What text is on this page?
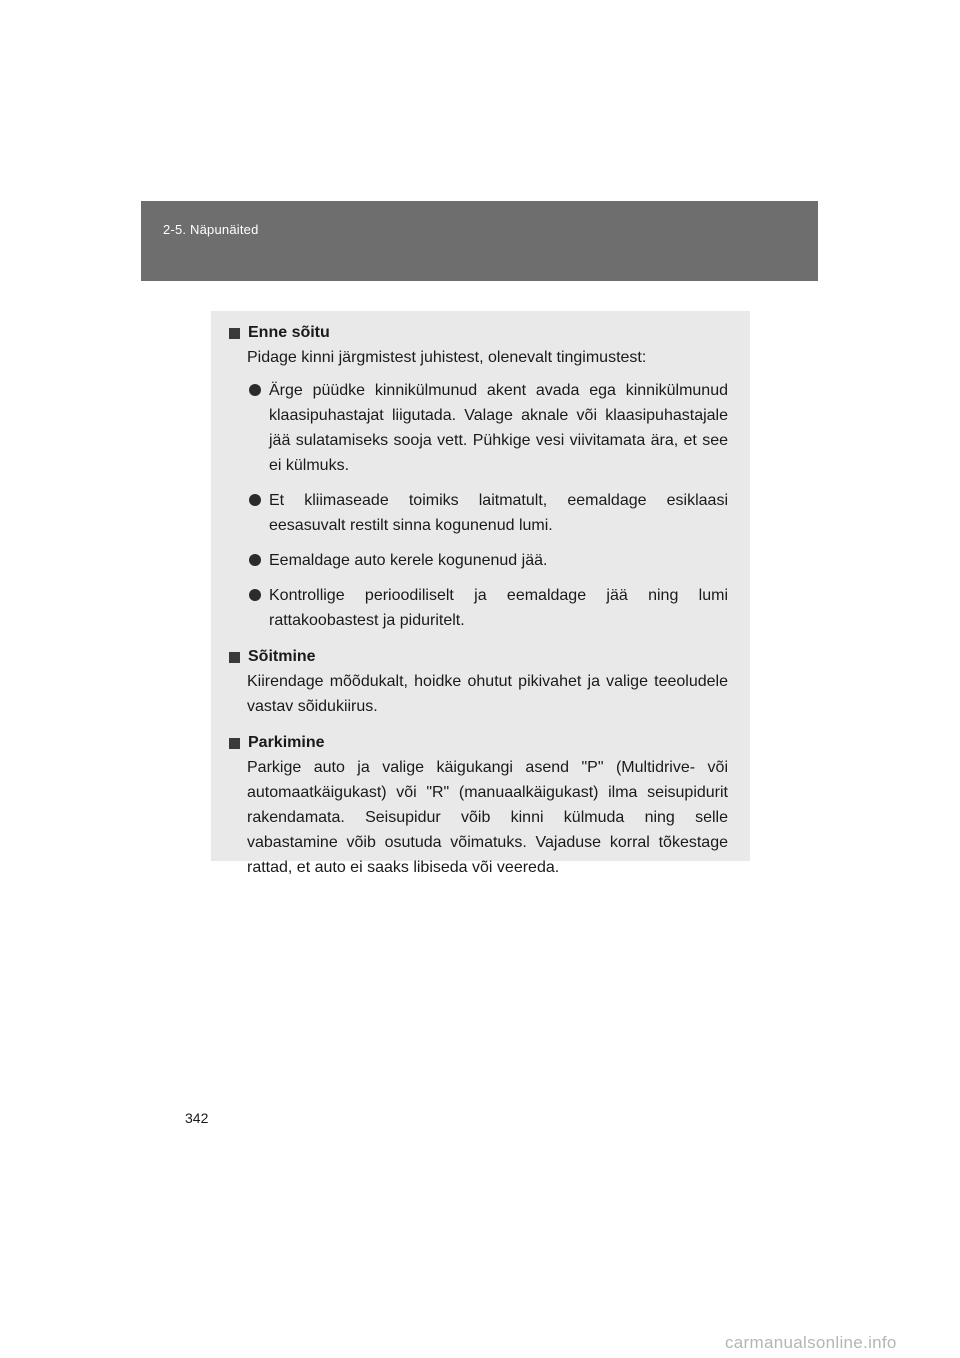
2-5. Näpunäited
Enne sõitu
Pidage kinni järgmistest juhistest, olenevalt tingimustest:
Ärge püüdke kinnikülmunud akent avada ega kinnikülmunud klaasipuhastajat liigutada. Valage aknale või klaasipuhastajale jää sulatamiseks sooja vett. Pühkige vesi viivitamata ära, et see ei külmuks.
Et kliimaseade toimiks laitmatult, eemaldage esiklaasi eesasuvalt restilt sinna kogunenud lumi.
Eemaldage auto kerele kogunenud jää.
Kontrollige perioodiliselt ja eemaldage jää ning lumi rattakoobastest ja piduritelt.
Sõitmine
Kiirendage mõõdukalt, hoidke ohutut pikivahet ja valige teeoludele vastav sõidukiirus.
Parkimine
Parkige auto ja valige käigukangi asend "P" (Multidrive- või automaatkäigukast) või "R" (manuaalkäigukast) ilma seisupidurit rakendamata. Seisupidur võib kinni külmuda ning selle vabastamine võib osutuda võimatuks. Vajaduse korral tõkestage rattad, et auto ei saaks libiseda või veereda.
342
carmanualsonline.info
